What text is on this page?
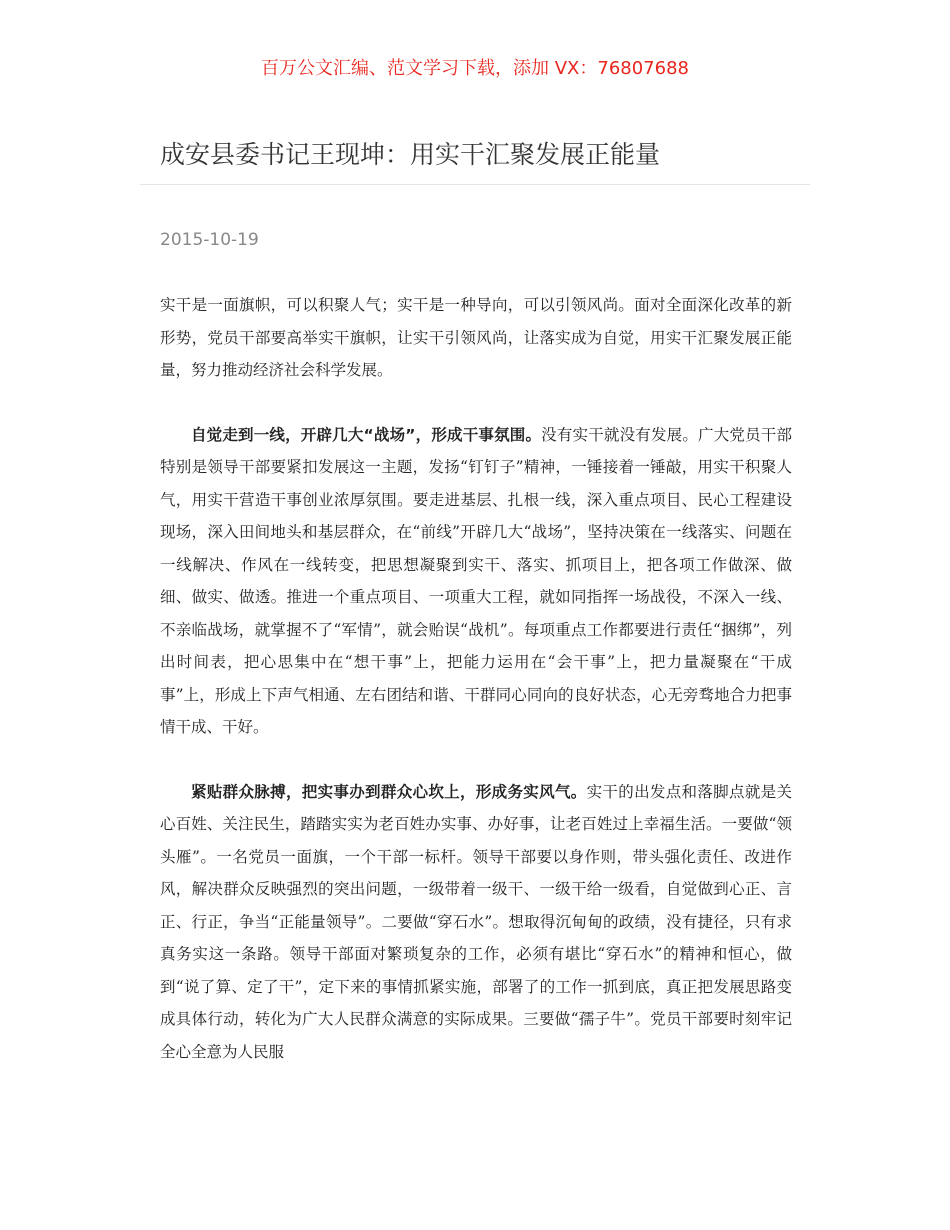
百万公文汇编、范文学习下载，添加 VX：76807688
成安县委书记王现坤：用实干汇聚发展正能量
2015-10-19

实干是一面旗帜，可以积聚人气；实干是一种导向，可以引领风尚。面对全面深化改革的新形势，党员干部要高举实干旗帜，让实干引领风尚，让落实成为自觉，用实干汇聚发展正能量，努力推动经济社会科学发展。

自觉走到一线，开辟几大“战场”，形成干事氛围。没有实干就没有发展。广大党员干部特别是领导干部要紧扣发展这一主题，发扬“钉钉子”精神，一锤接着一锤敲，用实干积聚人气，用实干营造干事创业浓厚氛围。要走进基层、扎根一线，深入重点项目、民心工程建设现场，深入田间地头和基层群众，在“前线”开辟几大“战场”，坚持决策在一线落实、问题在一线解决、作风在一线转变，把思想凝聚到实干、落实、抓项目上，把各项工作做深、做细、做实、做透。推进一个重点项目、一项重大工程，就如同指挥一场战役，不深入一线、不亲临战场，就掌握不了“军情”，就会贻误“战机”。每项重点工作都要进行责任“捆绑”，列出时间表，把心思集中在“想干事”上，把能力运用在“会干事”上，把力量凝聚在“干成事”上，形成上下声气相通、左右团结和谐、干群同心同向的良好状态，心无旁骛地合力把事情干成、干好。

紧贴群众脉搏，把实事办到群众心坎上，形成务实风气。实干的出发点和落脚点就是关心百姓、关注民生，踏踏实实为老百姓办实事、办好事，让老百姓过上幸福生活。一要做“领头雁”。一名党员一面旗，一个干部一标杆。领导干部要以身作则，带头强化责任、改进作风，解决群众反映强烈的突出问题，一级带着一级干、一级干给一级看，自觉做到心正、言正、行正，争当“正能量领导”。二要做“穿石水”。想取得沉甸甸的政绩，没有捷径，只有求真务实这一条路。领导干部面对繁琐复杂的工作，必须有堪比“穿石水”的精神和恒心，做到“说了算、定了干”，定下来的事情抓紧实施，部署了的工作一抓到底，真正把发展思路变成具体行动，转化为广大人民群众满意的实际成果。三要做“孺子牛”。党员干部要时刻牢记全心全意为人民服
